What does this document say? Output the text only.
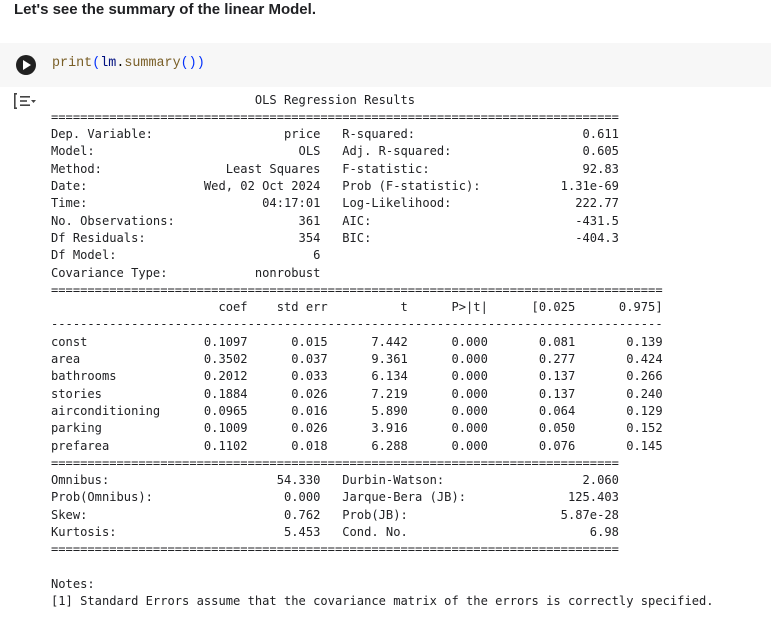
Let's see the summary of the linear Model.
print(lm.summary())
OLS Regression Results
==============================================================================
Dep. Variable:                  price   R-squared:                       0.611
Model:                            OLS   Adj. R-squared:                  0.605
Method:                 Least Squares   F-statistic:                     92.83
Date:                Wed, 02 Oct 2024   Prob (F-statistic):           1.31e-69
Time:                        04:17:01   Log-Likelihood:                 222.77
No. Observations:                 361   AIC:                            -431.5
Df Residuals:                     354   BIC:                            -404.3
Df Model:                           6
Covariance Type:            nonrobust
====================================================================================
coef    std err          t      P>|t|      [0.025      0.975]
------------------------------------------------------------------------------------
const                0.1097      0.015      7.442      0.000       0.081       0.139
area                 0.3502      0.037      9.361      0.000       0.277       0.424
bathrooms            0.2012      0.033      6.134      0.000       0.137       0.266
stories              0.1884      0.026      7.219      0.000       0.137       0.240
airconditioning      0.0965      0.016      5.890      0.000       0.064       0.129
parking              0.1009      0.026      3.916      0.000       0.050       0.152
prefarea             0.1102      0.018      6.288      0.000       0.076       0.145
==============================================================================
Omnibus:                       54.330   Durbin-Watson:                   2.060
Prob(Omnibus):                  0.000   Jarque-Bera (JB):              125.403
Skew:                           0.762   Prob(JB):                     5.87e-28
Kurtosis:                       5.453   Cond. No.                         6.98
==============================================================================
Notes:
[1] Standard Errors assume that the covariance matrix of the errors is correctly specified.
